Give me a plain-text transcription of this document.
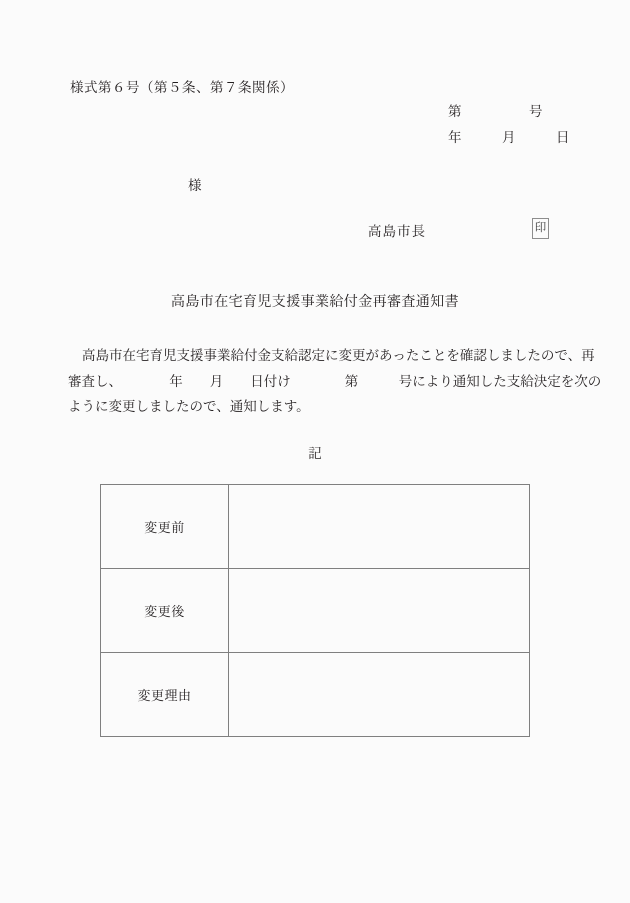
様式第６号（第５条、第７条関係）
第　　　　　号
年　　　月　　　日
様
高島市長	印
高島市在宅育児支援事業給付金再審査通知書
高島市在宅育児支援事業給付金支給認定に変更があったことを確認しましたので、再
審査し、　　　　年　　月　　日付け　　　　第　　　号により通知した支給決定を次の
ように変更しましたので、通知します。
記
変更前	
変更後	
変更理由	
